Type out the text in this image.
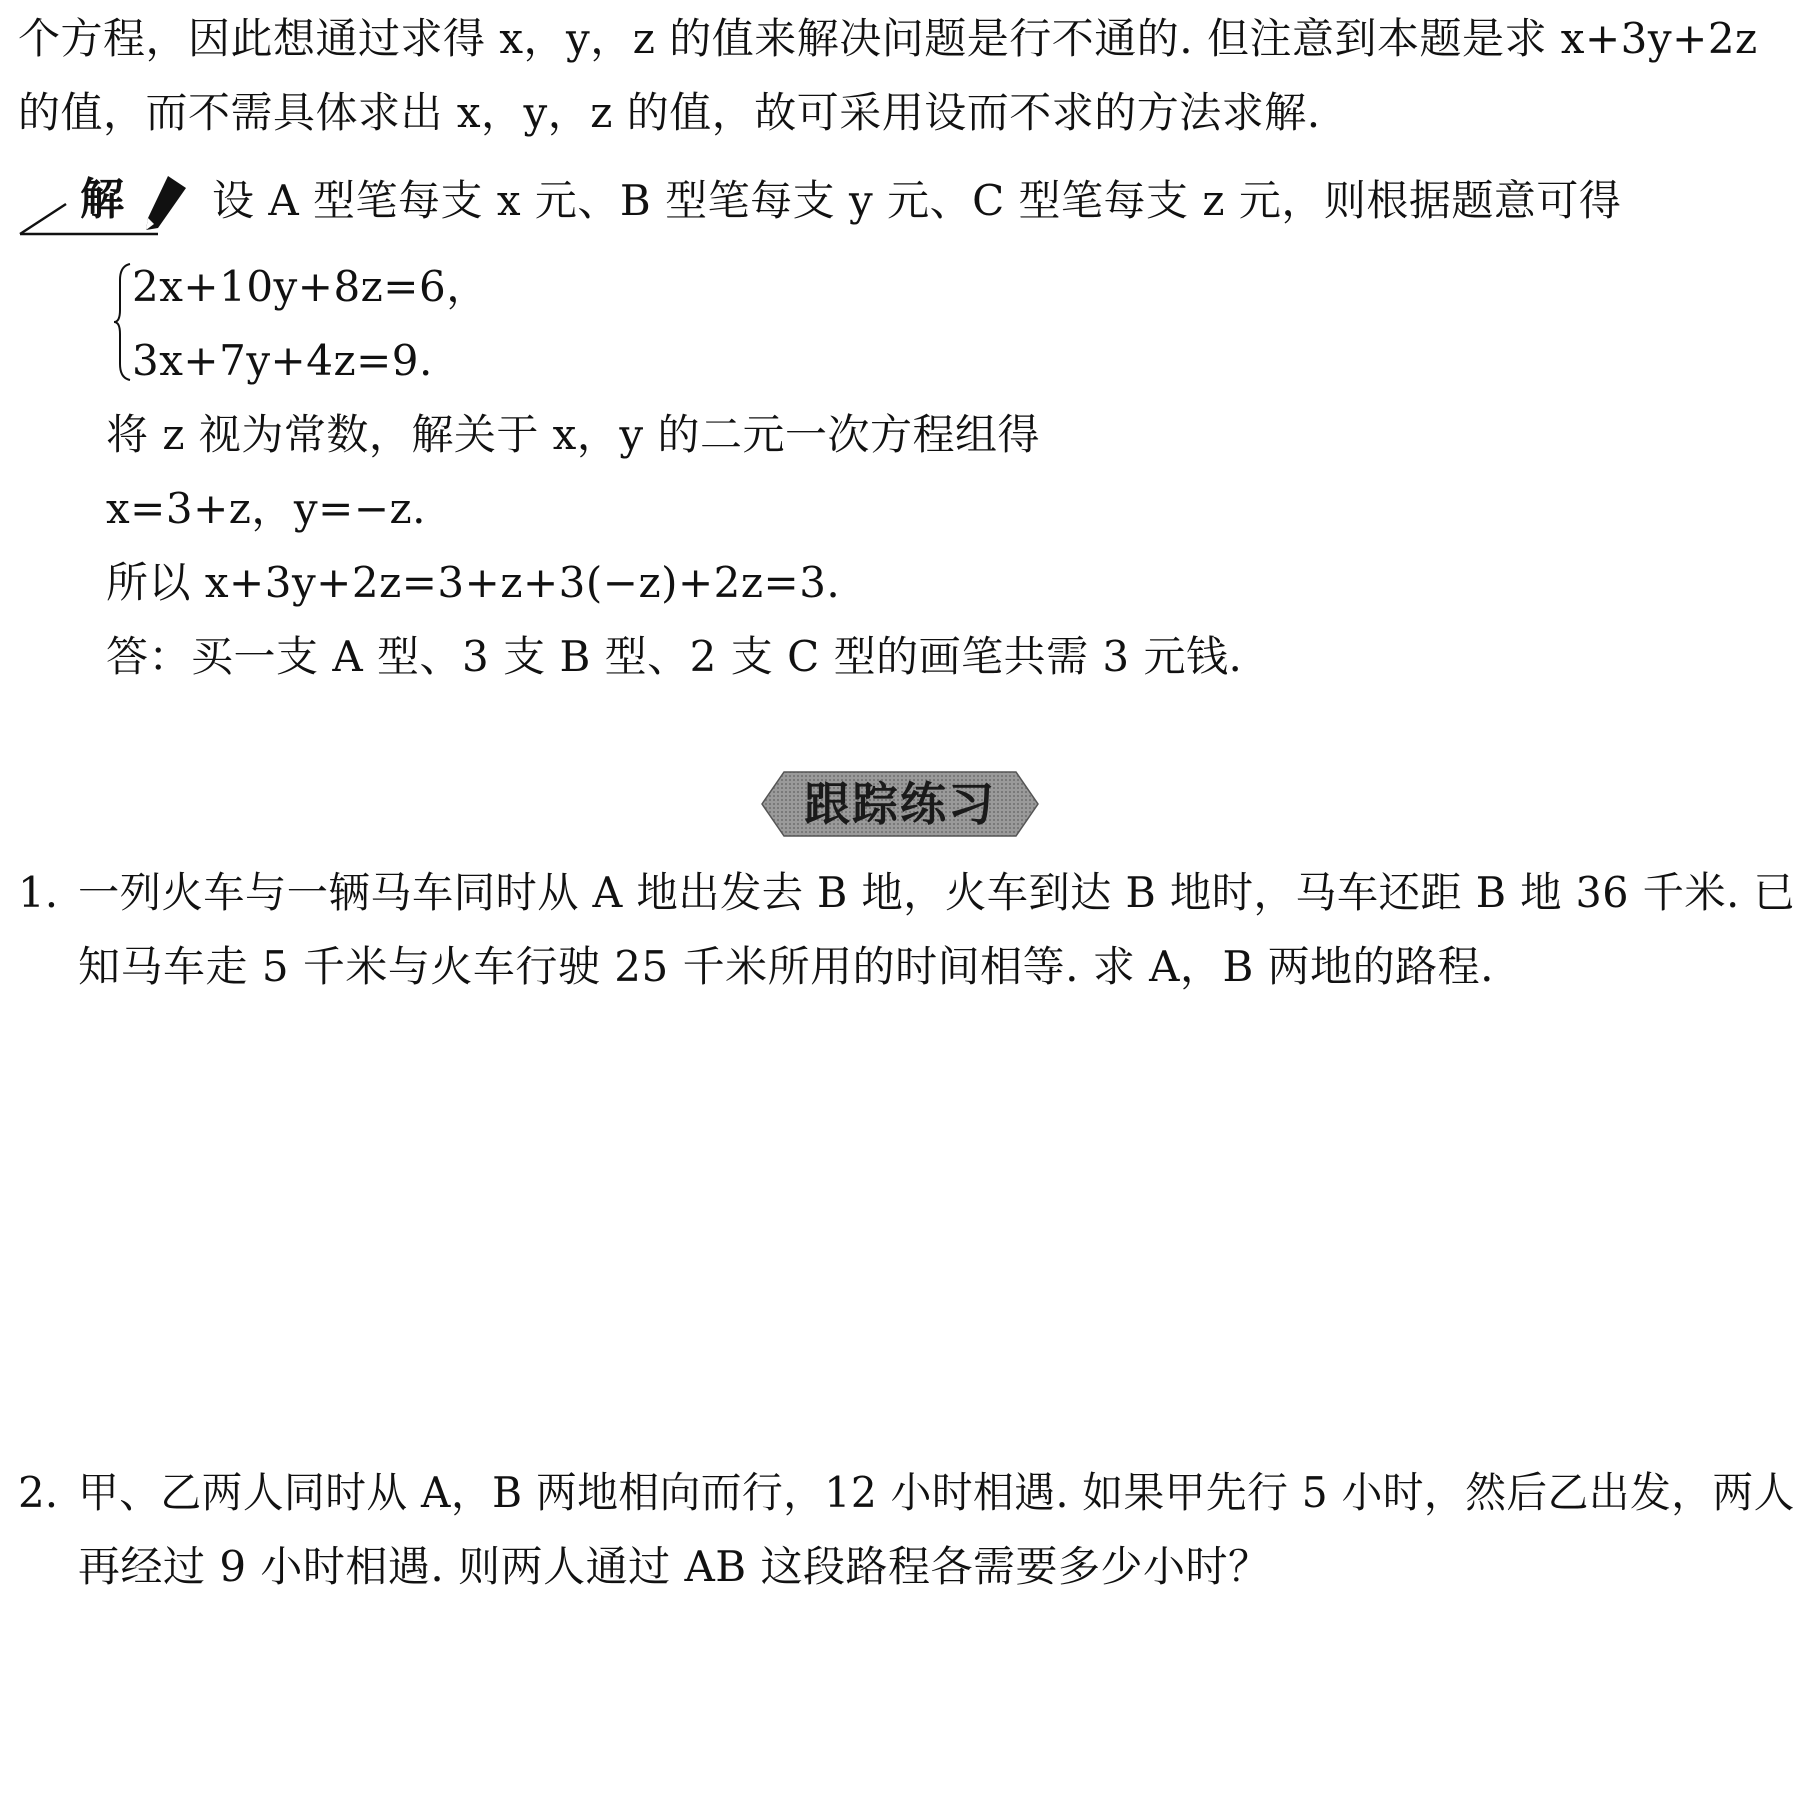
个方程，因此想通过求得 x，y，z 的值来解决问题是行不通的. 但注意到本题是求 x+3y+2z
的值，而不需具体求出 x，y，z 的值，故可采用设而不求的方法求解.
解 设 A 型笔每支 x 元、B 型笔每支 y 元、C 型笔每支 z 元，则根据题意可得
2x+10y+8z=6，
3x+7y+4z=9.
将 z 视为常数，解关于 x，y 的二元一次方程组得
x=3+z，y=−z.
所以 x+3y+2z=3+z+3(−z)+2z=3.
答：买一支 A 型、3 支 B 型、2 支 C 型的画笔共需 3 元钱.
跟踪练习
1. 一列火车与一辆马车同时从 A 地出发去 B 地，火车到达 B 地时，马车还距 B 地 36 千米. 已
知马车走 5 千米与火车行驶 25 千米所用的时间相等. 求 A，B 两地的路程.
2. 甲、乙两人同时从 A，B 两地相向而行，12 小时相遇. 如果甲先行 5 小时，然后乙出发，两人
再经过 9 小时相遇. 则两人通过 AB 这段路程各需要多少小时？
